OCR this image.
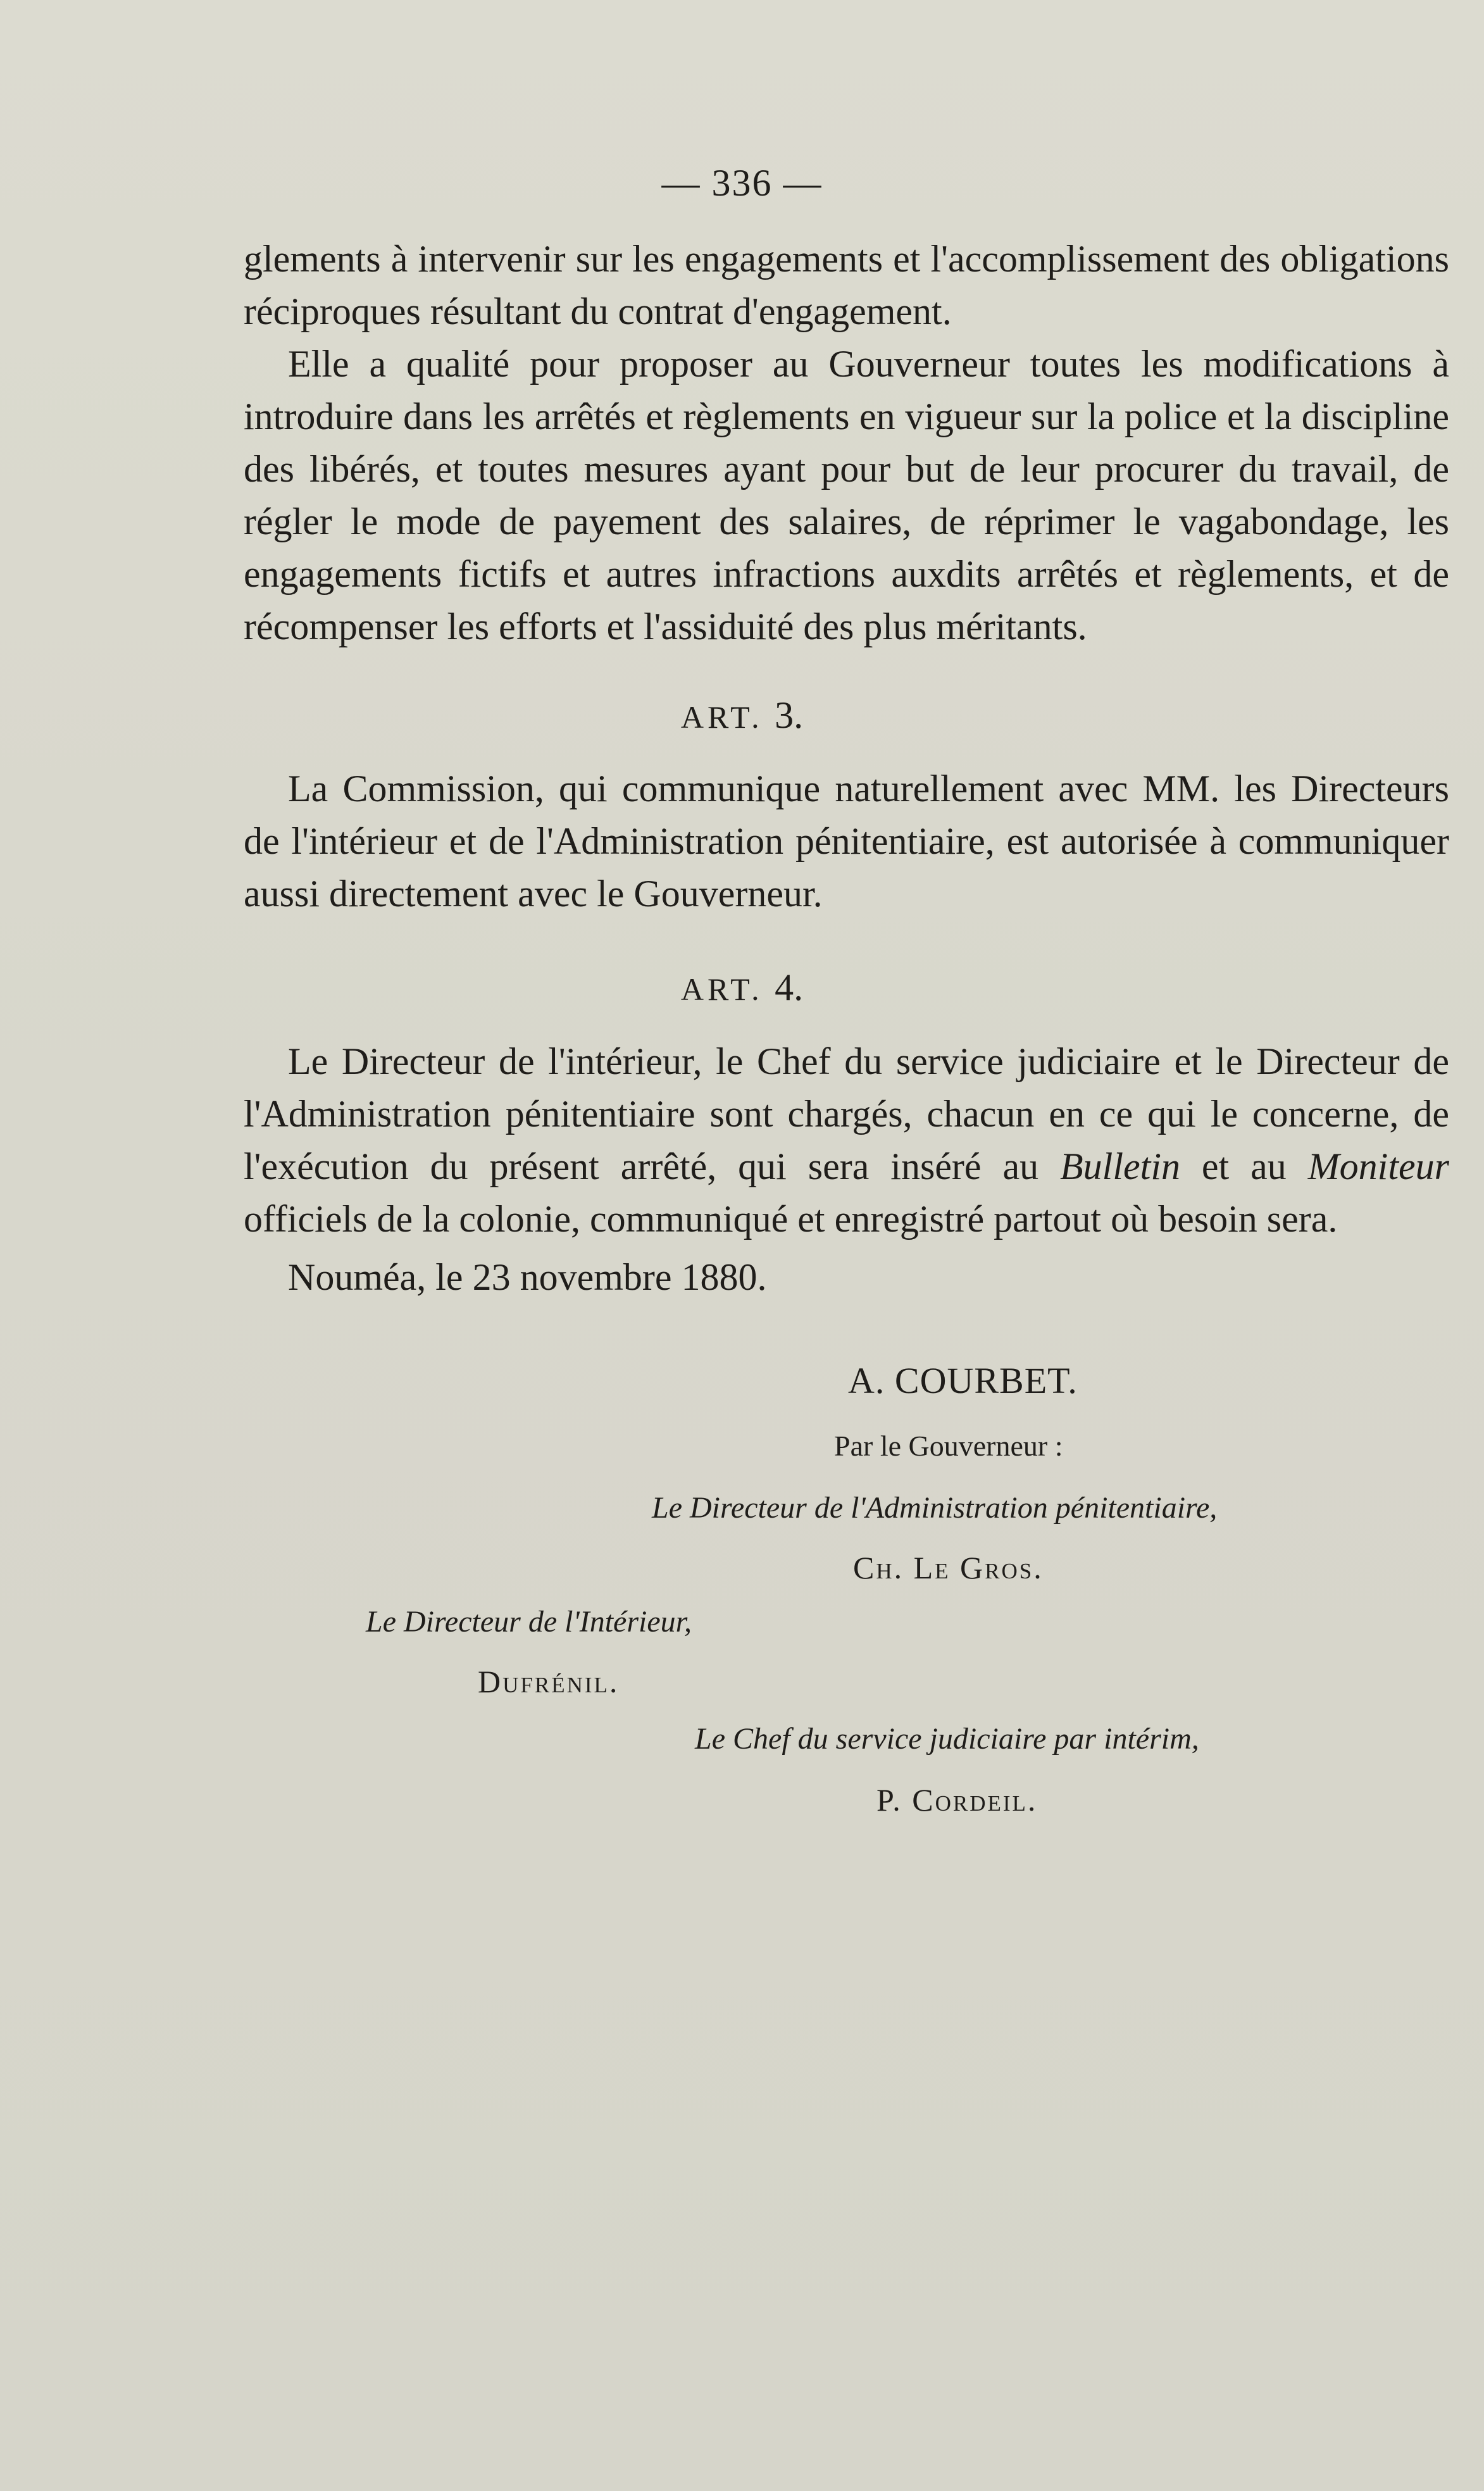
— 336 —

glements à intervenir sur les engagements et l'accomplissement des obligations réciproques résultant du contrat d'engagement.

Elle a qualité pour proposer au Gouverneur toutes les modifications à introduire dans les arrêtés et règlements en vigueur sur la police et la discipline des libérés, et toutes mesures ayant pour but de leur procurer du travail, de régler le mode de payement des salaires, de réprimer le vagabondage, les engagements fictifs et autres infractions auxdits arrêtés et règlements, et de récompenser les efforts et l'assiduité des plus méritants.

ART. 3.

La Commission, qui communique naturellement avec MM. les Directeurs de l'intérieur et de l'Administration pénitentiaire, est autorisée à communiquer aussi directement avec le Gouverneur.

ART. 4.

Le Directeur de l'intérieur, le Chef du service judiciaire et le Directeur de l'Administration pénitentiaire sont chargés, chacun en ce qui le concerne, de l'exécution du présent arrêté, qui sera inséré au Bulletin et au Moniteur officiels de la colonie, communiqué et enregistré partout où besoin sera.

Nouméa, le 23 novembre 1880.

A. COURBET.
Par le Gouverneur :
Le Directeur de l'Administration pénitentiaire,
Ch. Le Gros.
Le Directeur de l'Intérieur,
Dufrénil.
Le Chef du service judiciaire par intérim,
P. Cordeil.
